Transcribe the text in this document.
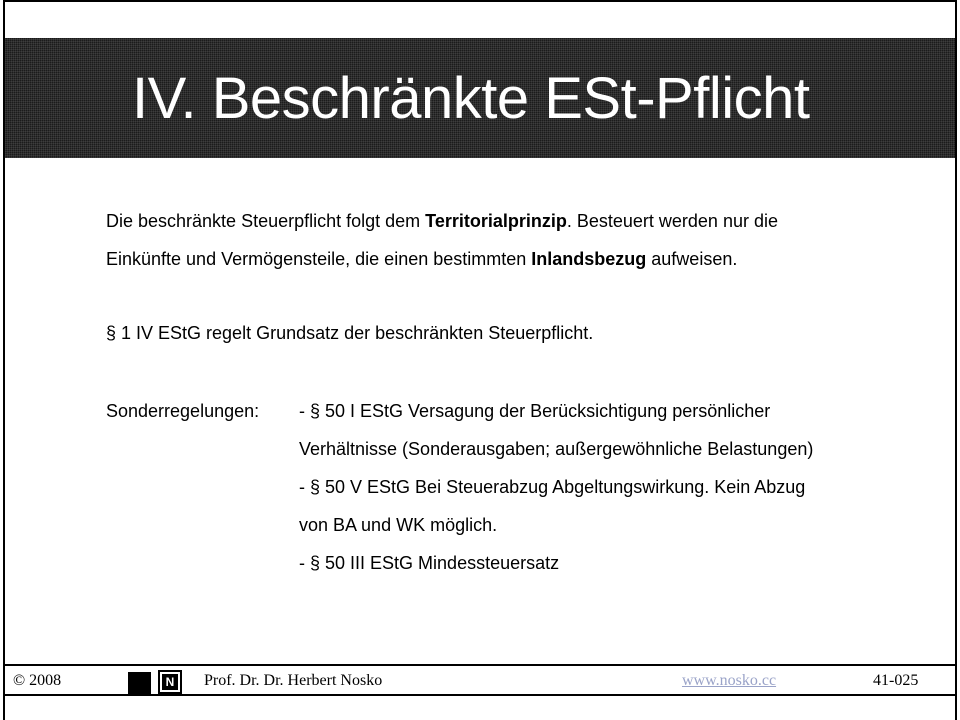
IV. Beschränkte ESt-Pflicht
Die beschränkte Steuerpflicht folgt dem Territorialprinzip. Besteuert werden nur die
Einkünfte und Vermögensteile, die einen bestimmten Inlandsbezug aufweisen.
§ 1 IV EStG regelt Grundsatz der beschränkten Steuerpflicht.
Sonderregelungen: - § 50 I EStG Versagung der Berücksichtigung persönlicher
Verhältnisse (Sonderausgaben; außergewöhnliche Belastungen)
- § 50 V EStG Bei Steuerabzug Abgeltungswirkung. Kein Abzug
von BA und WK möglich.
- § 50 III EStG Mindessteuersatz
© 2008	N Prof. Dr. Dr. Herbert Nosko	www.nosko.cc	41-025
